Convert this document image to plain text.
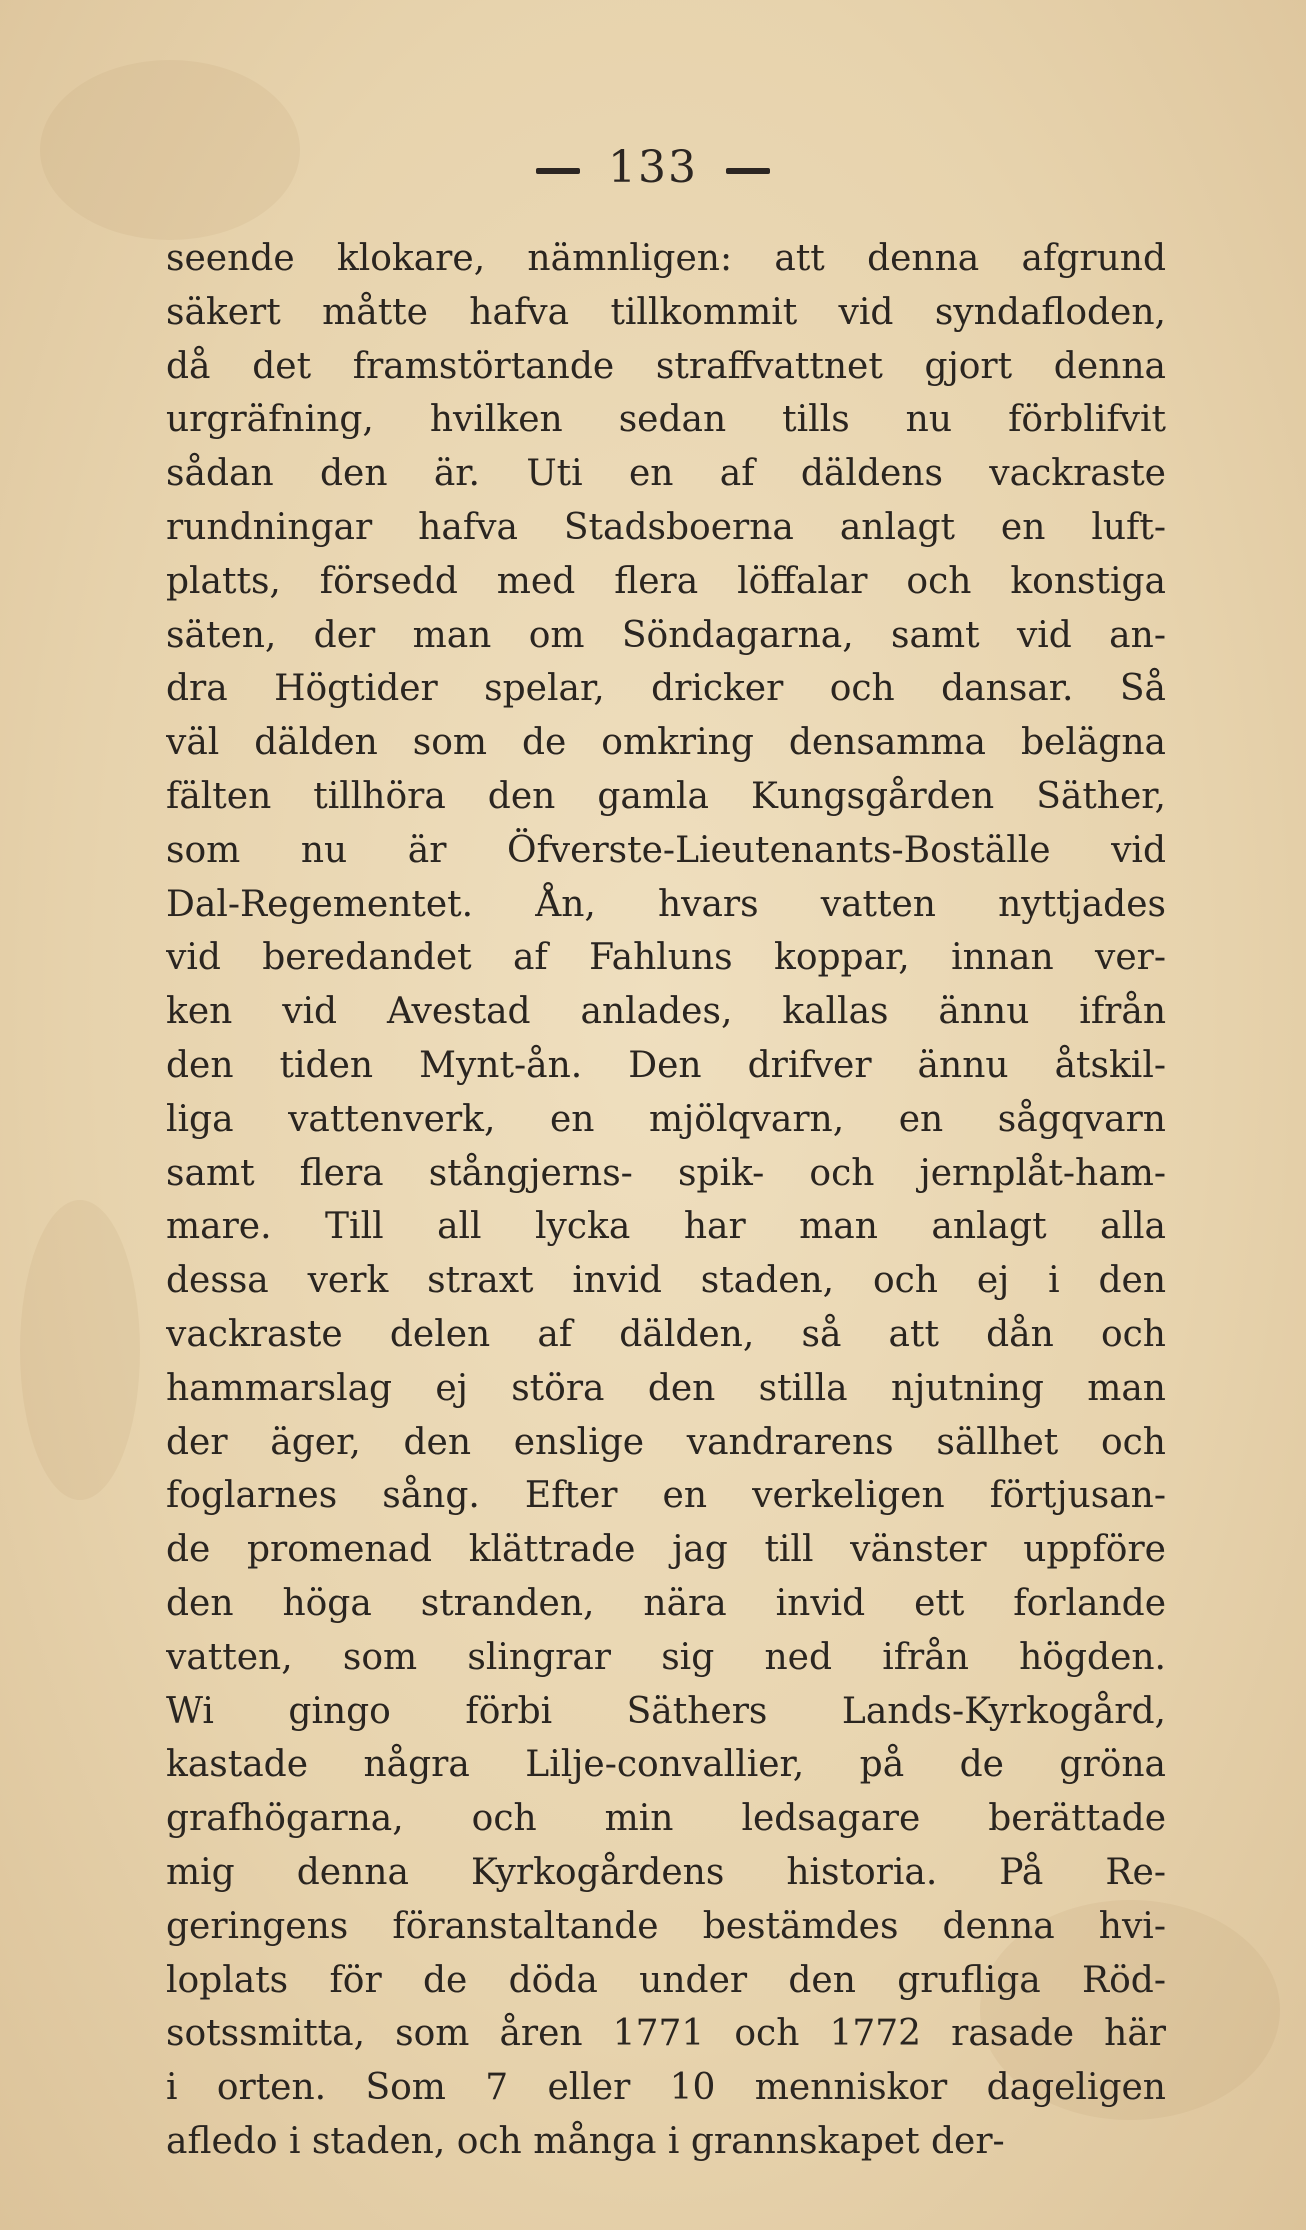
133
seende klokare, nämnligen: att denna afgrund
säkert måtte hafva tillkommit vid syndafloden,
då det framstörtande straffvattnet gjort denna
urgräfning, hvilken sedan tills nu förblifvit
sådan den är. Uti en af däldens vackraste
rundningar hafva Stadsboerna anlagt en luft-
platts, försedd med flera löffalar och konstiga
säten, der man om Söndagarna, samt vid an-
dra Högtider spelar, dricker och dansar. Så
väl dälden som de omkring densamma belägna
fälten tillhöra den gamla Kungsgården Säther,
som nu är Öfverste-Lieutenants-Boställe vid
Dal-Regementet. Ån, hvars vatten nyttjades
vid beredandet af Fahluns koppar, innan ver-
ken vid Avestad anlades, kallas ännu ifrån
den tiden Mynt-ån. Den drifver ännu åtskil-
liga vattenverk, en mjölqvarn, en sågqvarn
samt flera stångjerns- spik- och jernplåt-ham-
mare. Till all lycka har man anlagt alla
dessa verk straxt invid staden, och ej i den
vackraste delen af dälden, så att dån och
hammarslag ej störa den stilla njutning man
der äger, den enslige vandrarens sällhet och
foglarnes sång. Efter en verkeligen förtjusan-
de promenad klättrade jag till vänster uppföre
den höga stranden, nära invid ett forlande
vatten, som slingrar sig ned ifrån högden.
Wi gingo förbi Säthers Lands-Kyrkogård,
kastade några Lilje-convallier, på de gröna
grafhögarna, och min ledsagare berättade
mig denna Kyrkogårdens historia. På Re-
geringens föranstaltande bestämdes denna hvi-
loplats för de döda under den grufliga Röd-
sotssmitta, som åren 1771 och 1772 rasade här
i orten. Som 7 eller 10 menniskor dageligen
afledo i staden, och många i grannskapet der-
